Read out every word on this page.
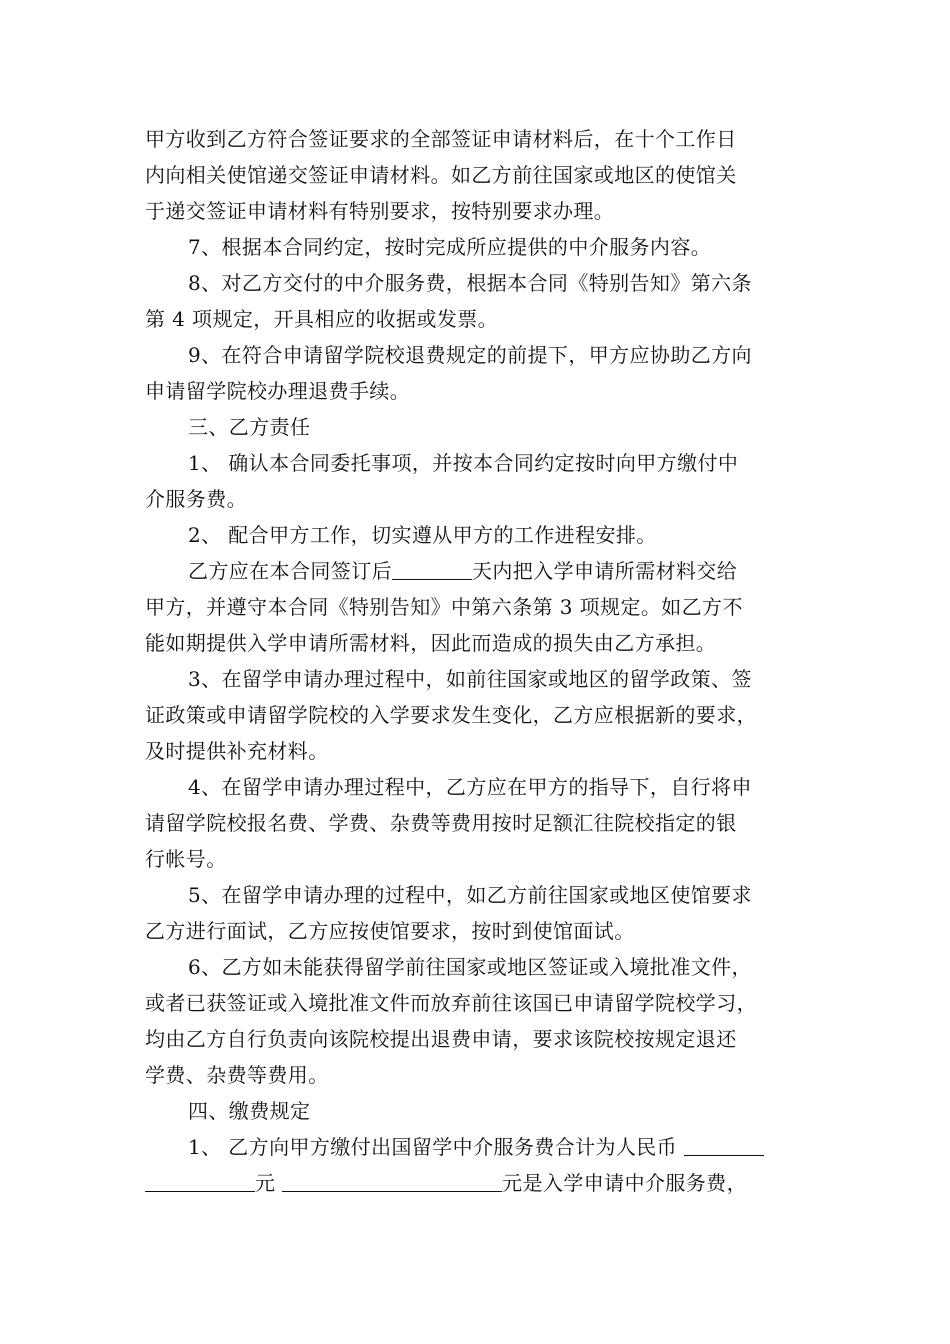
甲方收到乙方符合签证要求的全部签证申请材料后，在十个工作日
内向相关使馆递交签证申请材料。如乙方前往国家或地区的使馆关
于递交签证申请材料有特别要求，按特别要求办理。
7、根据本合同约定，按时完成所应提供的中介服务内容。
8、对乙方交付的中介服务费，根据本合同《特别告知》第六条
第 4 项规定，开具相应的收据或发票。
9、在符合申请留学院校退费规定的前提下，甲方应协助乙方向
申请留学院校办理退费手续。
三、乙方责任
1、 确认本合同委托事项，并按本合同约定按时向甲方缴付中
介服务费。
2、 配合甲方工作，切实遵从甲方的工作进程安排。
乙方应在本合同签订后	天内把入学申请所需材料交给
甲方，并遵守本合同《特别告知》中第六条第 3 项规定。如乙方不
能如期提供入学申请所需材料，因此而造成的损失由乙方承担。
3、在留学申请办理过程中，如前往国家或地区的留学政策、签
证政策或申请留学院校的入学要求发生变化，乙方应根据新的要求，
及时提供补充材料。
4、在留学申请办理过程中，乙方应在甲方的指导下，自行将申
请留学院校报名费、学费、杂费等费用按时足额汇往院校指定的银
行帐号。
5、在留学申请办理的过程中，如乙方前往国家或地区使馆要求
乙方进行面试，乙方应按使馆要求，按时到使馆面试。
6、乙方如未能获得留学前往国家或地区签证或入境批准文件，
或者已获签证或入境批准文件而放弃前往该国已申请留学院校学习，
均由乙方自行负责向该院校提出退费申请，要求该院校按规定退还
学费、杂费等费用。
四、缴费规定
1、 乙方向甲方缴付出国留学中介服务费合计为人民币
元	元是入学申请中介服务费，
